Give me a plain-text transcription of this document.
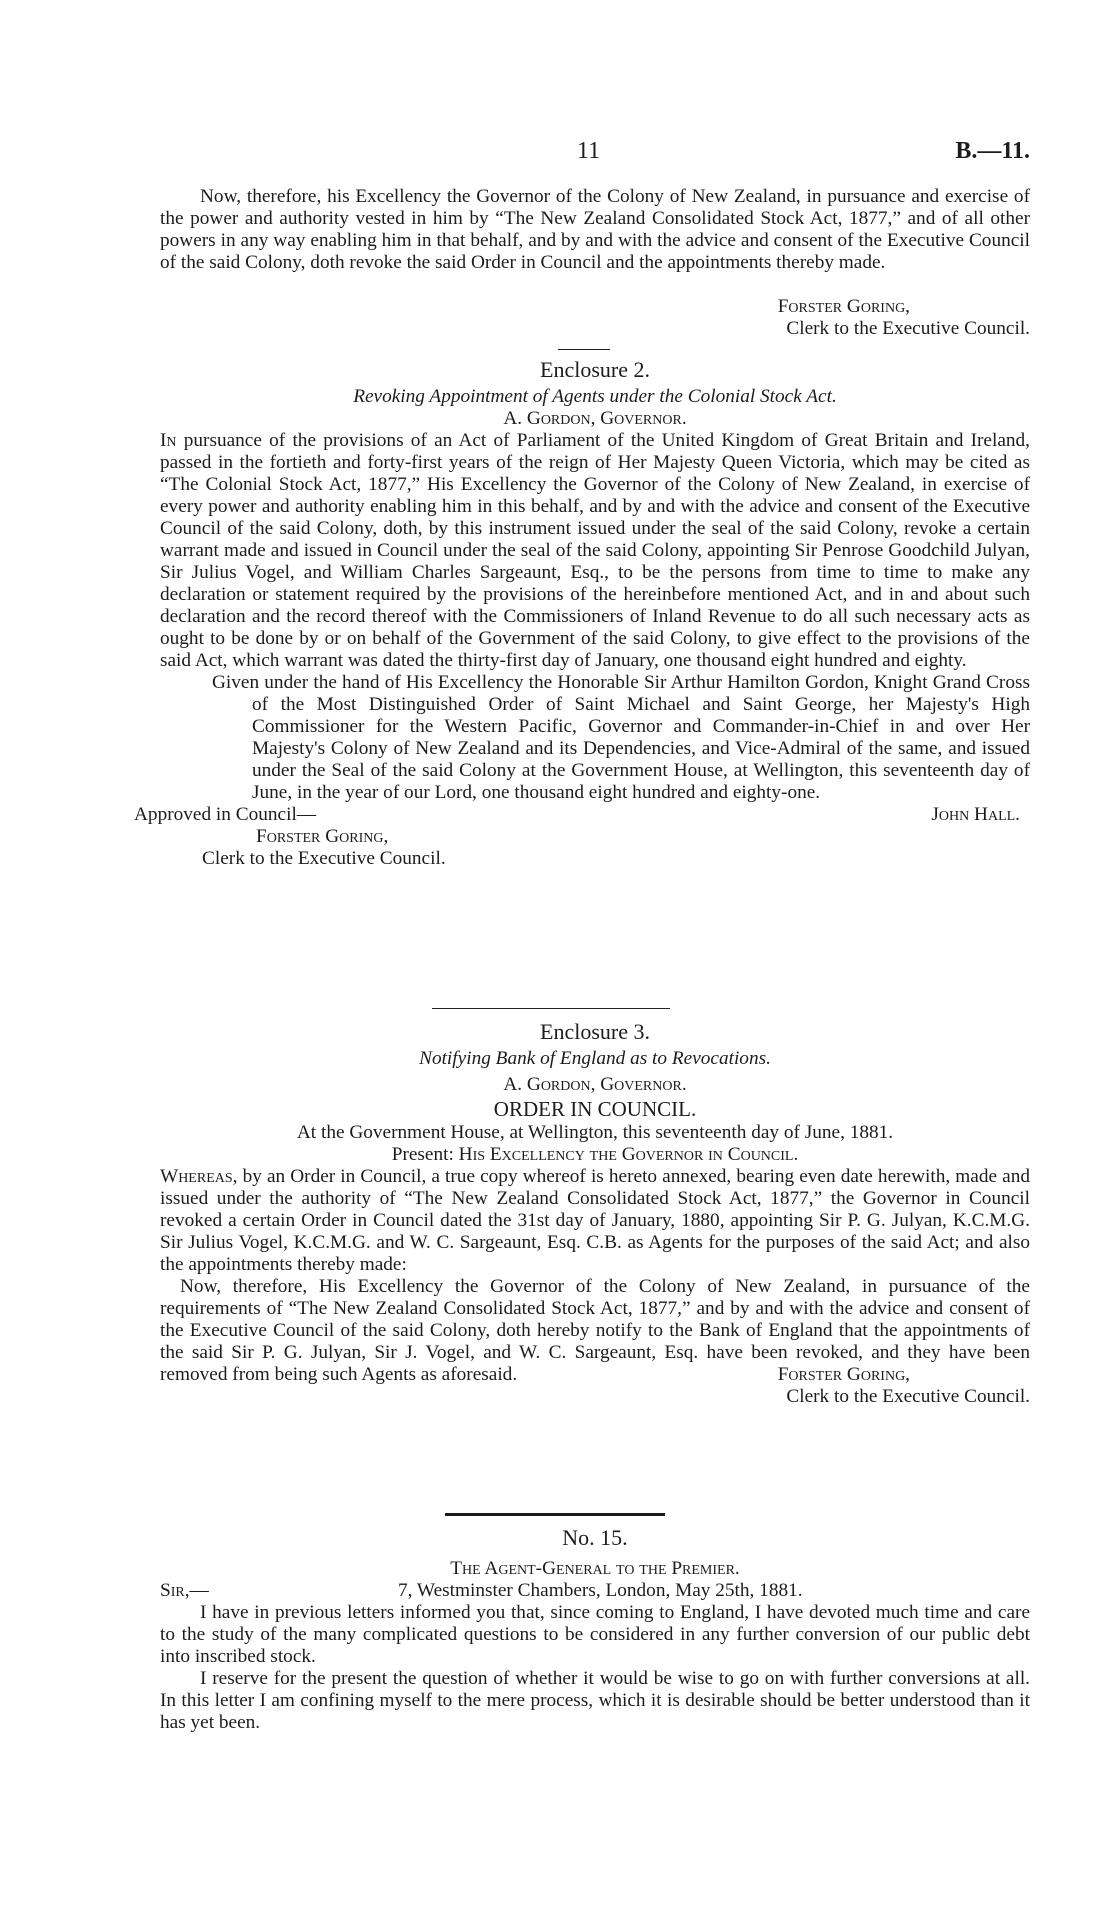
11	B.—11.

Now, therefore, his Excellency the Governor of the Colony of New Zealand, in pursuance and exercise of the power and authority vested in him by “The New Zealand Consolidated Stock Act, 1877,” and of all other powers in any way enabling him in that behalf, and by and with the advice and consent of the Executive Council of the said Colony, doth revoke the said Order in Council and the appointments thereby made.

Forster Goring,

Clerk to the Executive Council.

Enclosure 2.

Revoking Appointment of Agents under the Colonial Stock Act.

A. Gordon, Governor.

In pursuance of the provisions of an Act of Parliament of the United Kingdom of Great Britain and Ireland, passed in the fortieth and forty-first years of the reign of Her Majesty Queen Victoria, which may be cited as “The Colonial Stock Act, 1877,” His Excellency the Governor of the Colony of New Zealand, in exercise of every power and authority enabling him in this behalf, and by and with the advice and consent of the Executive Council of the said Colony, doth, by this instrument issued under the seal of the said Colony, revoke a certain warrant made and issued in Council under the seal of the said Colony, appointing Sir Penrose Goodchild Julyan, Sir Julius Vogel, and William Charles Sargeaunt, Esq., to be the persons from time to time to make any declaration or statement required by the provisions of the hereinbefore mentioned Act, and in and about such declaration and the record thereof with the Commissioners of Inland Revenue to do all such necessary acts as ought to be done by or on behalf of the Government of the said Colony, to give effect to the provisions of the said Act, which warrant was dated the thirty-first day of January, one thousand eight hundred and eighty.

Given under the hand of His Excellency the Honorable Sir Arthur Hamilton Gordon, Knight Grand Cross of the Most Distinguished Order of Saint Michael and Saint George, her Majesty's High Commissioner for the Western Pacific, Governor and Commander-in-Chief in and over Her Majesty's Colony of New Zealand and its Dependencies, and Vice-Admiral of the same, and issued under the Seal of the said Colony at the Government House, at Wellington, this seventeenth day of June, in the year of our Lord, one thousand eight hundred and eighty-one.

Approved in Council—	John Hall.

Forster Goring,

Clerk to the Executive Council.

Enclosure 3.

Notifying Bank of England as to Revocations.

A. Gordon, Governor.

ORDER IN COUNCIL.

At the Government House, at Wellington, this seventeenth day of June, 1881.

Present: His Excellency the Governor in Council.

Whereas, by an Order in Council, a true copy whereof is hereto annexed, bearing even date herewith, made and issued under the authority of “The New Zealand Consolidated Stock Act, 1877,” the Governor in Council revoked a certain Order in Council dated the 31st day of January, 1880, appointing Sir P. G. Julyan, K.C.M.G. Sir Julius Vogel, K.C.M.G. and W. C. Sargeaunt, Esq. C.B. as Agents for the purposes of the said Act; and also the appointments thereby made:

Now, therefore, His Excellency the Governor of the Colony of New Zealand, in pursuance of the requirements of “The New Zealand Consolidated Stock Act, 1877,” and by and with the advice and consent of the Executive Council of the said Colony, doth hereby notify to the Bank of England that the appointments of the said Sir P. G. Julyan, Sir J. Vogel, and W. C. Sargeaunt, Esq. have been revoked, and they have been removed from being such Agents as aforesaid.	Forster Goring,

Clerk to the Executive Council.

No. 15.

The Agent-General to the Premier.

Sir,—	7, Westminster Chambers, London, May 25th, 1881.

I have in previous letters informed you that, since coming to England, I have devoted much time and care to the study of the many complicated questions to be considered in any further conversion of our public debt into inscribed stock.

I reserve for the present the question of whether it would be wise to go on with further conversions at all. In this letter I am confining myself to the mere process, which it is desirable should be better understood than it has yet been.
